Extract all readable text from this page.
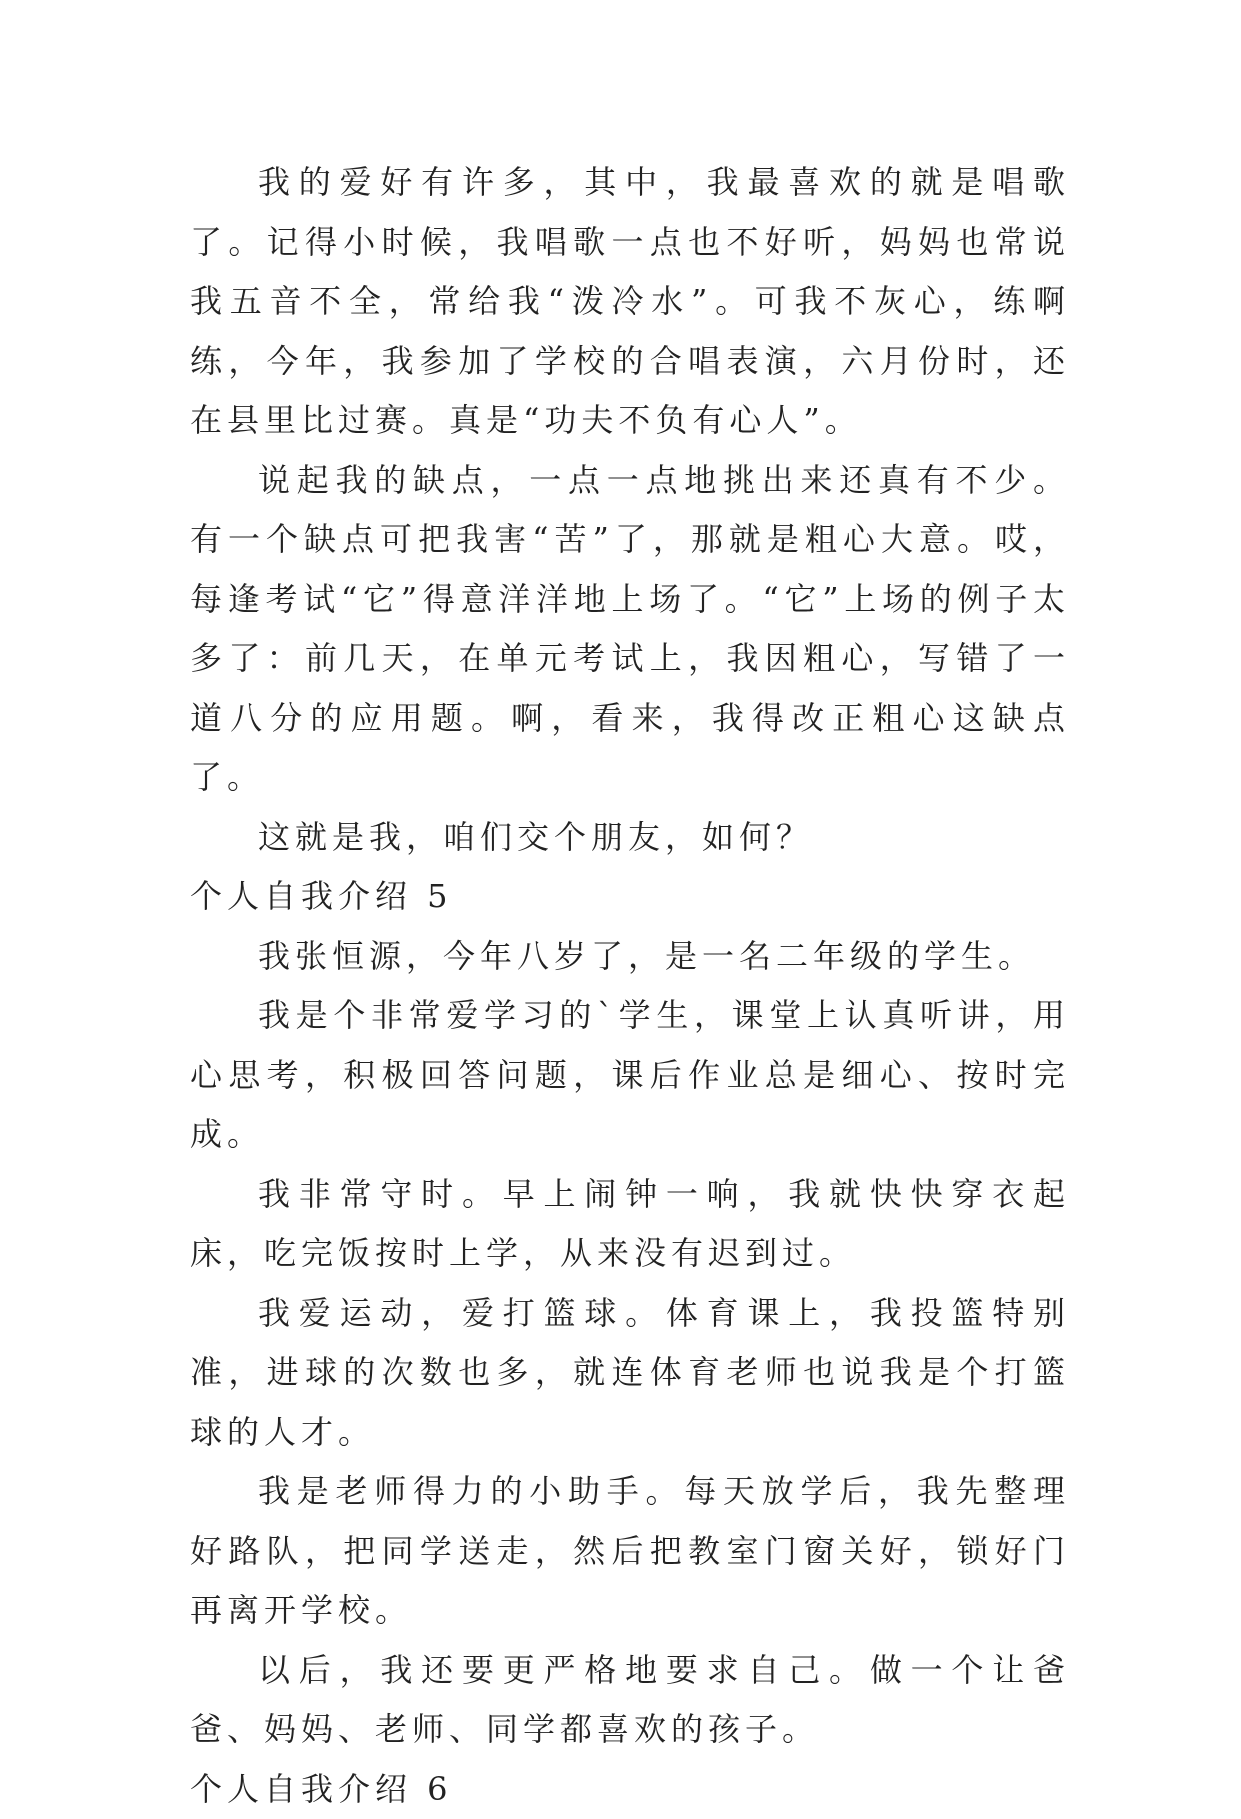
我的爱好有许多，其中，我最喜欢的就是唱歌了。记得小时候，我唱歌一点也不好听，妈妈也常说我五音不全，常给我“泼冷水”。可我不灰心，练啊练，今年，我参加了学校的合唱表演，六月份时，还在县里比过赛。真是“功夫不负有心人”。

说起我的缺点，一点一点地挑出来还真有不少。有一个缺点可把我害“苦”了，那就是粗心大意。哎，每逢考试“它”得意洋洋地上场了。“它”上场的例子太多了：前几天，在单元考试上，我因粗心，写错了一道八分的应用题。啊，看来，我得改正粗心这缺点了。

这就是我，咱们交个朋友，如何？

个人自我介绍 5

我张恒源，今年八岁了，是一名二年级的学生。

我是个非常爱学习的`学生，课堂上认真听讲，用心思考，积极回答问题，课后作业总是细心、按时完成。

我非常守时。早上闹钟一响，我就快快穿衣起床，吃完饭按时上学，从来没有迟到过。

我爱运动，爱打篮球。体育课上，我投篮特别准，进球的次数也多，就连体育老师也说我是个打篮球的人才。

我是老师得力的小助手。每天放学后，我先整理好路队，把同学送走，然后把教室门窗关好，锁好门再离开学校。

以后，我还要更严格地要求自己。做一个让爸爸、妈妈、老师、同学都喜欢的孩子。

个人自我介绍 6
